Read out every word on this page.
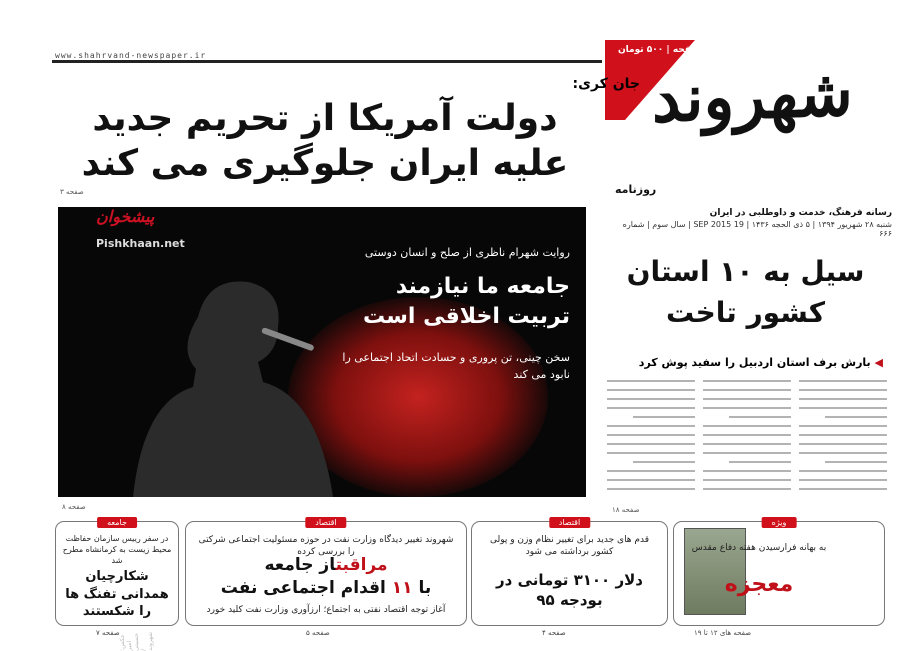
www.shahrvand-newspaper.ir
۲۰ صفحه | ۵۰۰ تومان
شهروند
روزنامه
رسانه فرهنگ، خدمت و داوطلبی در ایران
شنبه ۲۸ شهریور ۱۳۹۴ | ۵ ذی الحجه ۱۴۳۶ | 19 SEP 2015 | سال سوم | شماره ۶۶۶
جان کری:
دولت آمریکا از تحریم جدید علیه ایران جلوگیری می کند
صفحه ۳
عکس: امیر حسینی / شهروند
پیشخوان
Pishkhaan.net
روایت شهرام ناظری از صلح و انسان دوستی
جامعه ما نیازمند تربیت اخلاقی است
سخن چینی، تن پروری و حسادت اتحاد اجتماعی را نابود می کند
صفحه ۸
سیل به ۱۰ استان کشور تاخت
◀ بارش برف استان اردبیل را سفید پوش کرد
صفحه ۱۸
ویژه
به بهانه فرارسیدن هفته دفاع مقدس
معجزه
صفحه های ۱۲ تا ۱۹
اقتصاد
قدم های جدید برای تغییر نظام وزن و پولی کشور برداشته می شود
دلار ۳۱۰۰ تومانی در بودجه ۹۵
صفحه ۴
اقتصاد
شهروند تغییر دیدگاه وزارت نفت در حوزه مسئولیت اجتماعی شرکتی را بررسی کرده
مراقبتاز جامعه
با ۱۱ اقدام اجتماعی نفت
آغاز توجه اقتصاد نفتی به اجتماع؛ ارزآوری وزارت نفت کلید خورد
صفحه ۵
جامعه
در سفر رییس سازمان حفاظت محیط زیست به کرمانشاه مطرح شد
شکارچیان همدانی تفنگ ها را شکستند
صفحه ۷
